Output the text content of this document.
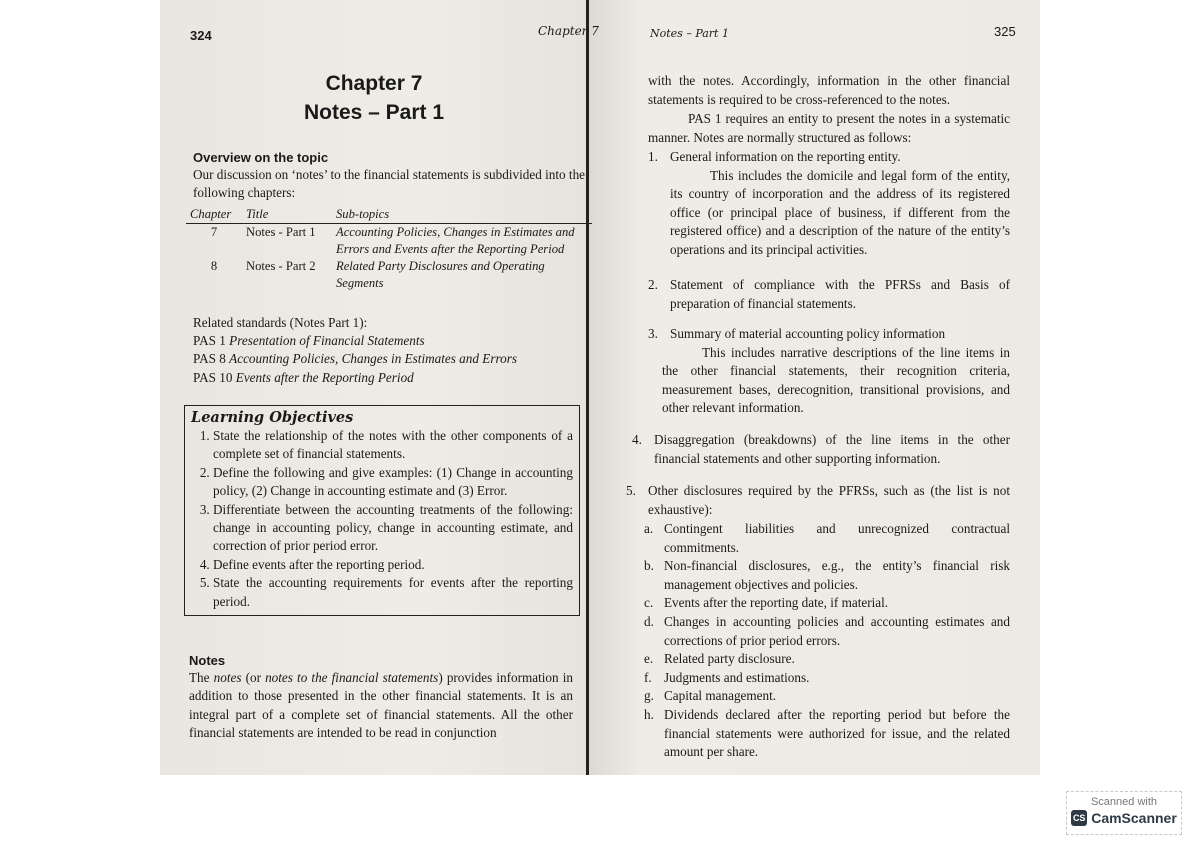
324	Chapter 7
Chapter 7
Notes – Part 1
Overview on the topic
Our discussion on ‘notes’ to the financial statements is subdivided into the following chapters:
Chapter	Title	Sub-topics
7	Notes - Part 1	Accounting Policies, Changes in Estimates and Errors and Events after the Reporting Period
8	Notes - Part 2	Related Party Disclosures and Operating Segments
Related standards (Notes Part 1):
PAS 1 Presentation of Financial Statements
PAS 8 Accounting Policies, Changes in Estimates and Errors
PAS 10 Events after the Reporting Period
Learning Objectives
1. State the relationship of the notes with the other components of a complete set of financial statements.
2. Define the following and give examples: (1) Change in accounting policy, (2) Change in accounting estimate and (3) Error.
3. Differentiate between the accounting treatments of the following: change in accounting policy, change in accounting estimate, and correction of prior period error.
4. Define events after the reporting period.
5. State the accounting requirements for events after the reporting period.
Notes
The notes (or notes to the financial statements) provides information in addition to those presented in the other financial statements. It is an integral part of a complete set of financial statements. All the other financial statements are intended to be read in conjunction
Notes – Part 1	325
with the notes. Accordingly, information in the other financial statements is required to be cross-referenced to the notes.
PAS 1 requires an entity to present the notes in a systematic manner. Notes are normally structured as follows:
1. General information on the reporting entity.
This includes the domicile and legal form of the entity, its country of incorporation and the address of its registered office (or principal place of business, if different from the registered office) and a description of the nature of the entity’s operations and its principal activities.
2. Statement of compliance with the PFRSs and Basis of preparation of financial statements.
3. Summary of material accounting policy information
This includes narrative descriptions of the line items in the other financial statements, their recognition criteria, measurement bases, derecognition, transitional provisions, and other relevant information.
4. Disaggregation (breakdowns) of the line items in the other financial statements and other supporting information.
5. Other disclosures required by the PFRSs, such as (the list is not exhaustive):
a. Contingent liabilities and unrecognized contractual commitments.
b. Non-financial disclosures, e.g., the entity’s financial risk management objectives and policies.
c. Events after the reporting date, if material.
d. Changes in accounting policies and accounting estimates and corrections of prior period errors.
e. Related party disclosure.
f. Judgments and estimations.
g. Capital management.
h. Dividends declared after the reporting period but before the financial statements were authorized for issue, and the related amount per share.
Scanned with
CS CamScanner
